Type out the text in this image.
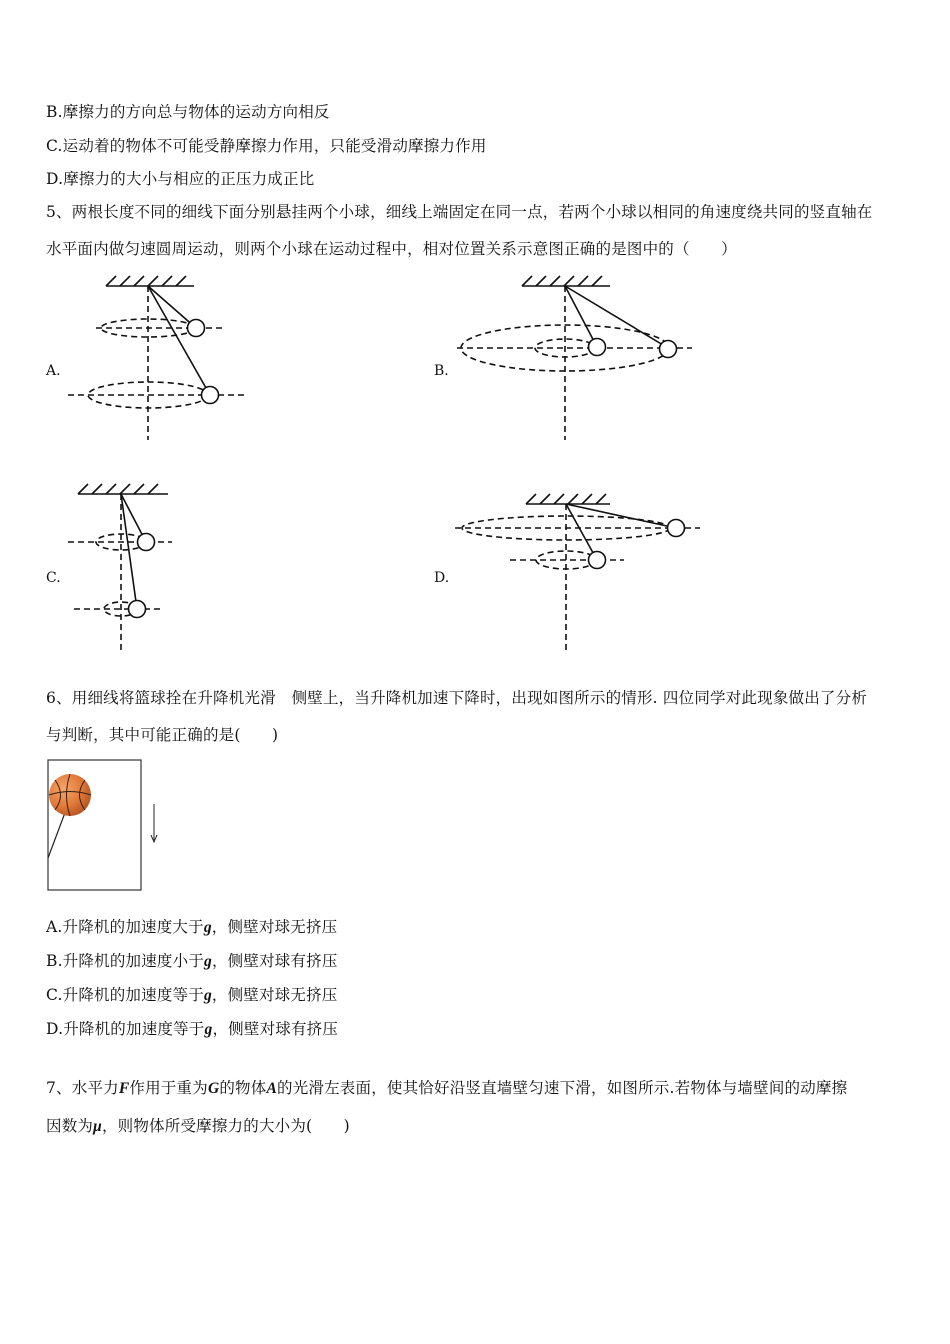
B.摩擦力的方向总与物体的运动方向相反
C.运动着的物体不可能受静摩擦力作用，只能受滑动摩擦力作用
D.摩擦力的大小与相应的正压力成正比
5、两根长度不同的细线下面分别悬挂两个小球，细线上端固定在同一点，若两个小球以相同的角速度绕共同的竖直轴在
水平面内做匀速圆周运动，则两个小球在运动过程中，相对位置关系示意图正确的是图中的（　　）
A.	B.
C.	D.
6、用细线将篮球拴在升降机光滑　侧壁上，当升降机加速下降时，出现如图所示的情形. 四位同学对此现象做出了分析
与判断，其中可能正确的是(　　)
A.升降机的加速度大于g，侧壁对球无挤压
B.升降机的加速度小于g，侧壁对球有挤压
C.升降机的加速度等于g，侧壁对球无挤压
D.升降机的加速度等于g，侧壁对球有挤压
7、水平力F作用于重为G的物体A的光滑左表面，使其恰好沿竖直墙壁匀速下滑，如图所示.若物体与墙壁间的动摩擦
因数为μ，则物体所受摩擦力的大小为(　　)
